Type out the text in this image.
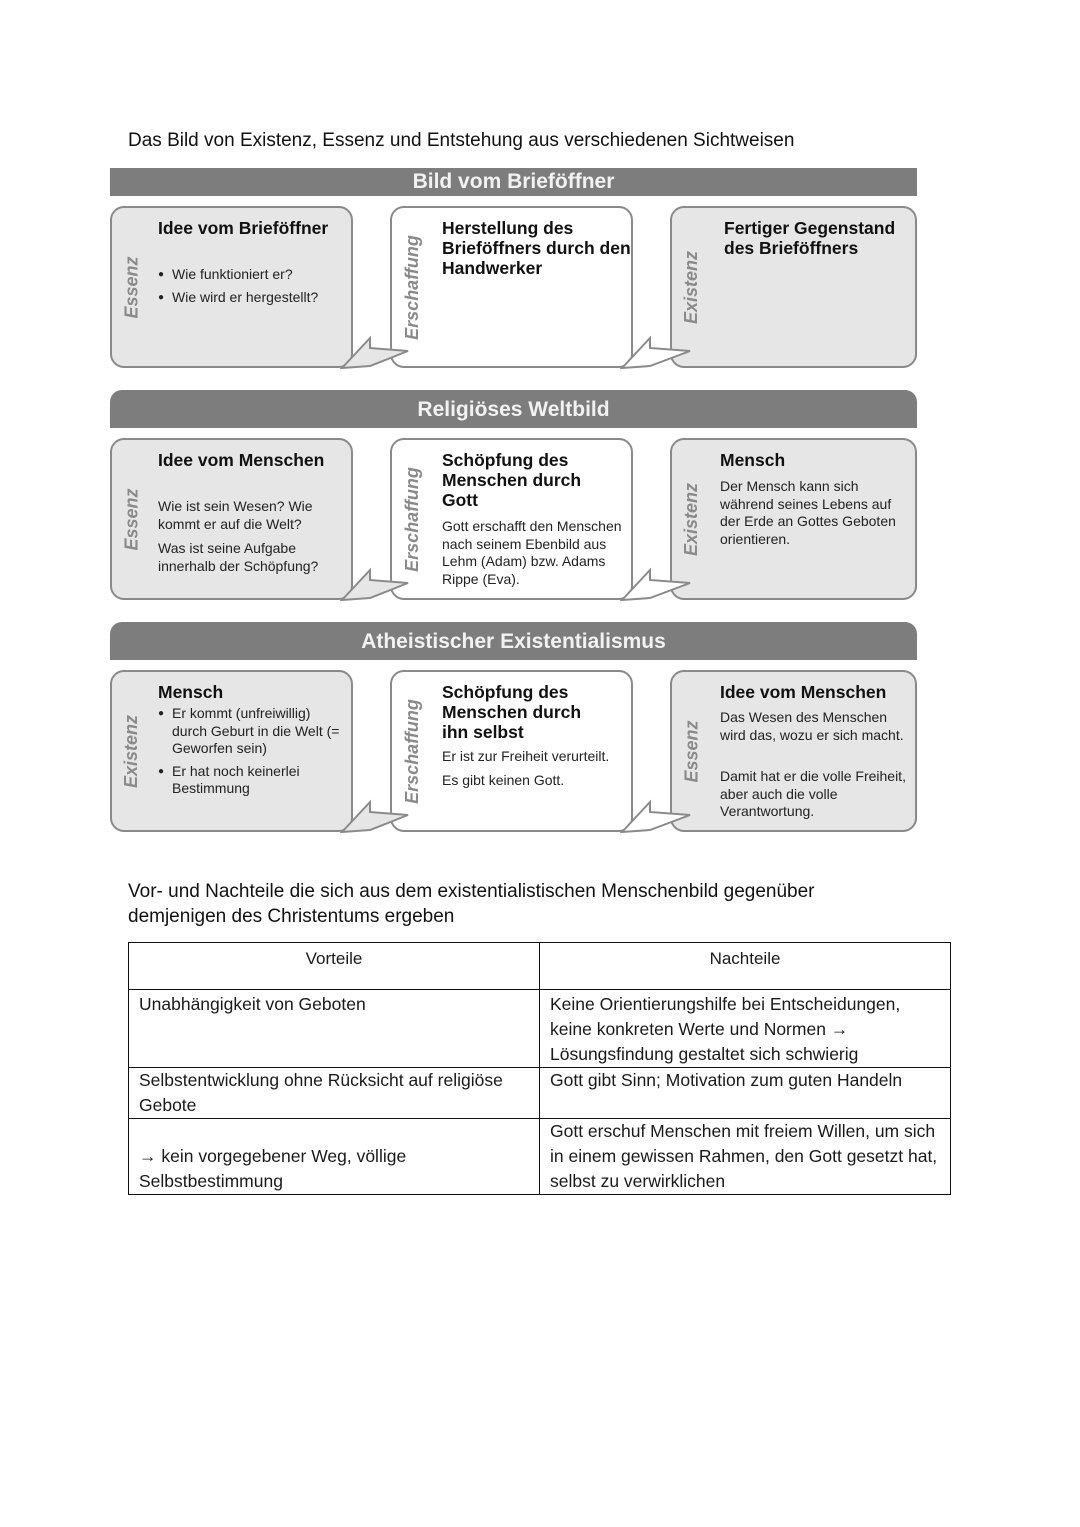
Das Bild von Existenz, Essenz und Entstehung aus verschiedenen Sichtweisen
Bild vom Brieföffner
Essenz
Idee vom Brieföffner
● Wie funktioniert er?
● Wie wird er hergestellt?	Erschaffung
Herstellung des Brieföffners durch den Handwerker	Existenz
Fertiger Gegenstand des Brieföffners
Religiöses Weltbild
Essenz
Idee vom Menschen
Wie ist sein Wesen? Wie kommt er auf die Welt?
Was ist seine Aufgabe innerhalb der Schöpfung?	Erschaffung
Schöpfung des Menschen durch Gott
Gott erschafft den Menschen nach seinem Ebenbild aus Lehm (Adam) bzw. Adams Rippe (Eva).
Existenz
Mensch
Der Mensch kann sich während seines Lebens auf der Erde an Gottes Geboten orientieren.
Atheistischer Existentialismus
Existenz
Mensch
● Er kommt (unfreiwillig) durch Geburt in die Welt (= Geworfen sein)
● Er hat noch keinerlei Bestimmung	Erschaffung
Schöpfung des Menschen durch ihn selbst
Er ist zur Freiheit verurteilt.
Es gibt keinen Gott.	Essenz
Idee vom Menschen
Das Wesen des Menschen wird das, wozu er sich macht.
Damit hat er die volle Freiheit, aber auch die volle Verantwortung.
Vor- und Nachteile die sich aus dem existentialistischen Menschenbild gegenüber demjenigen des Christentums ergeben
Vorteile	Nachteile
Unabhängigkeit von Geboten	Keine Orientierungshilfe bei Entscheidungen, keine konkreten Werte und Normen → Lösungsfindung gestaltet sich schwierig
Selbstentwicklung ohne Rücksicht auf religiöse Gebote	Gott gibt Sinn; Motivation zum guten Handeln
→ kein vorgegebener Weg, völlige Selbstbestimmung	Gott erschuf Menschen mit freiem Willen, um sich in einem gewissen Rahmen, den Gott gesetzt hat, selbst zu verwirklichen
